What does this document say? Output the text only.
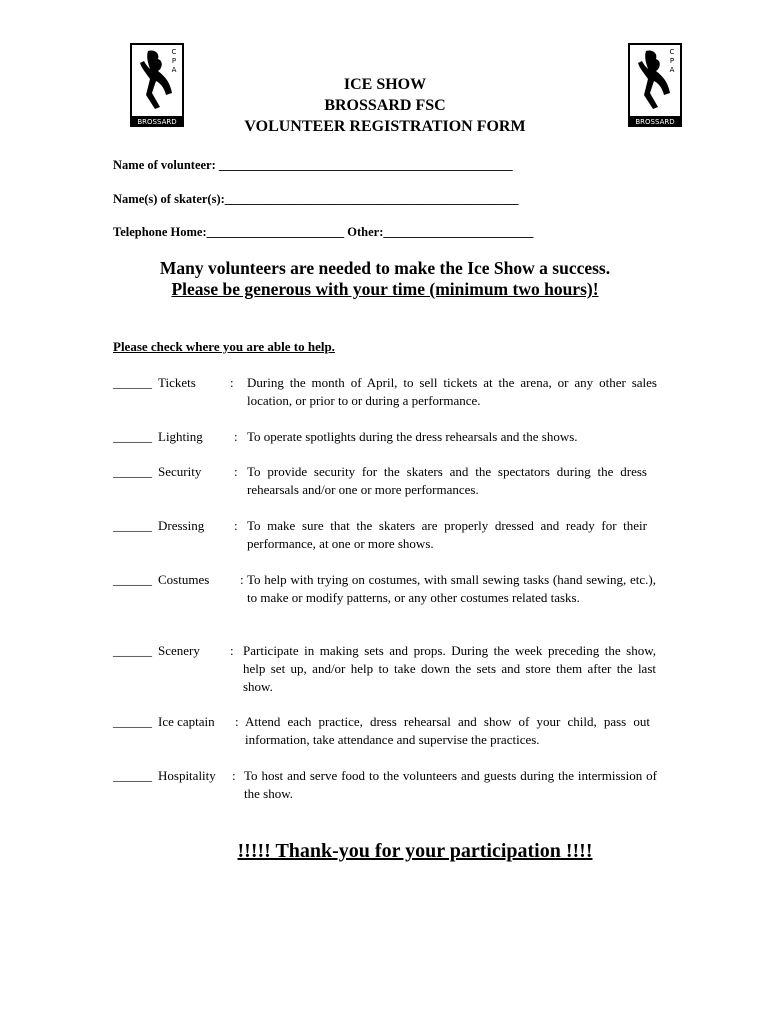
C
P
A
BROSSARD
C
P
A
BROSSARD
ICE SHOW
BROSSARD FSC
VOLUNTEER REGISTRATION FORM
Name of volunteer: _______________________________________________
Name(s) of skater(s):_______________________________________________
Telephone Home:______________________ Other:________________________
Many volunteers are needed to make the Ice Show a success.
Please be generous with your time (minimum two hours)!
Please check where you are able to help.
______ Tickets	: During the month of April, to sell tickets at the arena, or any other sales location, or prior to or during a performance.
______ Lighting : To operate spotlights during the dress rehearsals and the shows.
______ Security	: To provide security for the skaters and the spectators during the dress rehearsals and/or one or more performances.
______ Dressing : To make sure that the skaters are properly dressed and ready for their performance, at one or more shows.
______ Costumes : To help with trying on costumes, with small sewing tasks (hand sewing, etc.), to make or modify patterns, or any other costumes related tasks.
______ Scenery : Participate in making sets and props. During the week preceding the show, help set up, and/or help to take down the sets and store them after the last show.
______ Ice captain : Attend each practice, dress rehearsal and show of your child, pass out information, take attendance and supervise the practices.
______ Hospitality : To host and serve food to the volunteers and guests during the intermission of the show.
!!!!! Thank-you for your participation !!!!
